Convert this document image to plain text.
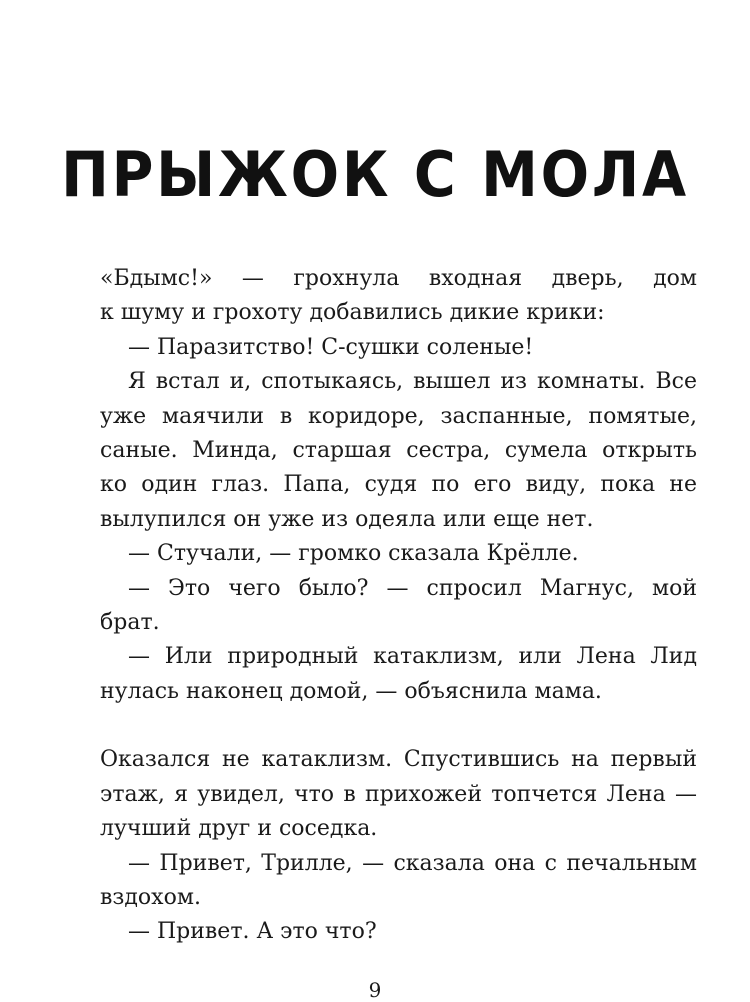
ПРЫЖОК С МОЛА
«Бдымс!» — грохнула входная дверь, дом
к шуму и грохоту добавились дикие крики:
— Паразитство! С-сушки соленые!
Я встал и, спотыкаясь, вышел из комнаты. Все
уже маячили в коридоре, заспанные, помятые,
саные. Минда, старшая сестра, сумела открыть
ко один глаз. Папа, судя по его виду, пока не
вылупился он уже из одеяла или еще нет.
— Стучали, — громко сказала Крёлле.
— Это чего было? — спросил Магнус, мой
брат.
— Или природный катаклизм, или Лена Лид
нулась наконец домой, — объяснила мама.
Оказался не катаклизм. Спустившись на первый
этаж, я увидел, что в прихожей топчется Лена —
лучший друг и соседка.
— Привет, Трилле, — сказала она с печальным
вздохом.
— Привет. А это что?
9
